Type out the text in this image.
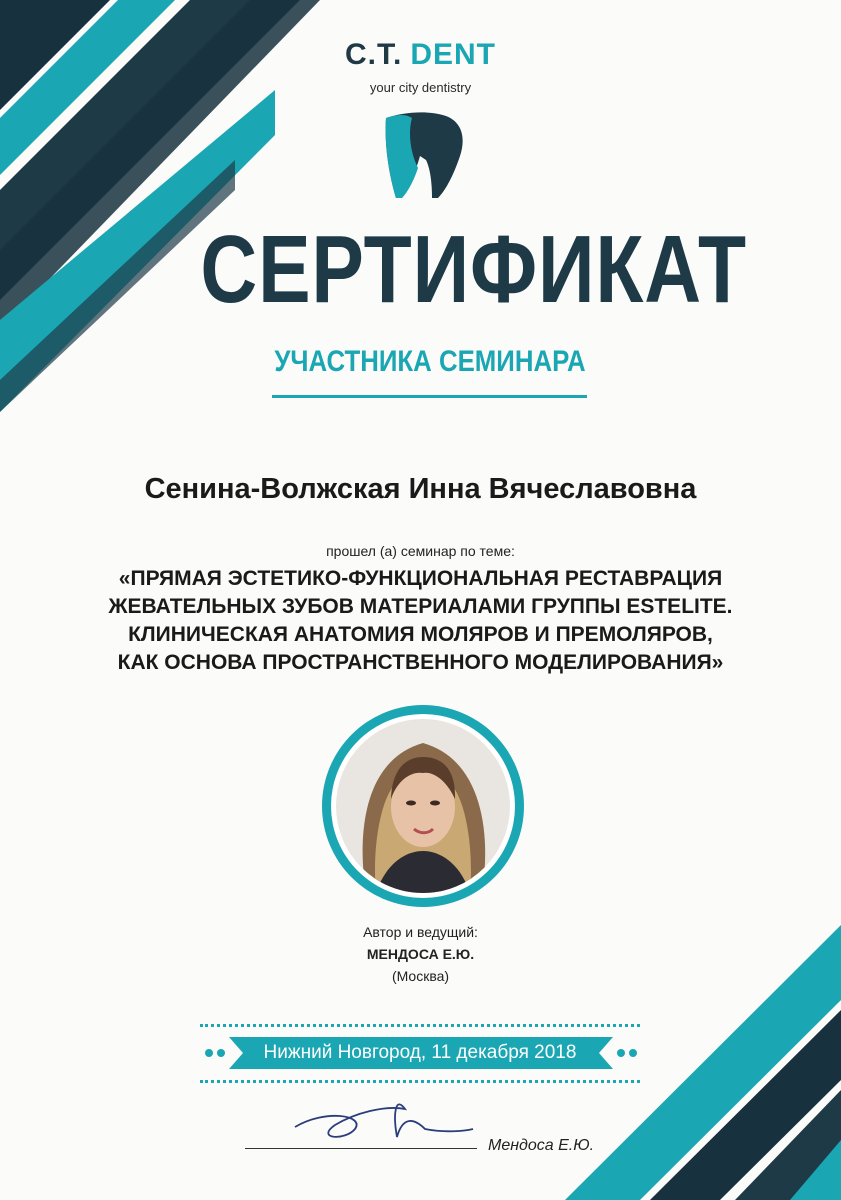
C.T. DENT
your city dentistry
СЕРТИФИКАТ
УЧАСТНИКА СЕМИНАРА
Сенина-Волжская Инна Вячеславовна
прошел (а) семинар по теме:
«ПРЯМАЯ ЭСТЕТИКО-ФУНКЦИОНАЛЬНАЯ РЕСТАВРАЦИЯ
ЖЕВАТЕЛЬНЫХ ЗУБОВ МАТЕРИАЛАМИ ГРУППЫ ESTELITE.
КЛИНИЧЕСКАЯ АНАТОМИЯ МОЛЯРОВ И ПРЕМОЛЯРОВ,
КАК ОСНОВА ПРОСТРАНСТВЕННОГО МОДЕЛИРОВАНИЯ»
Автор и ведущий:
МЕНДОСА Е.Ю.
(Москва)
Нижний Новгород, 11 декабря 2018
Мендоса Е.Ю.
